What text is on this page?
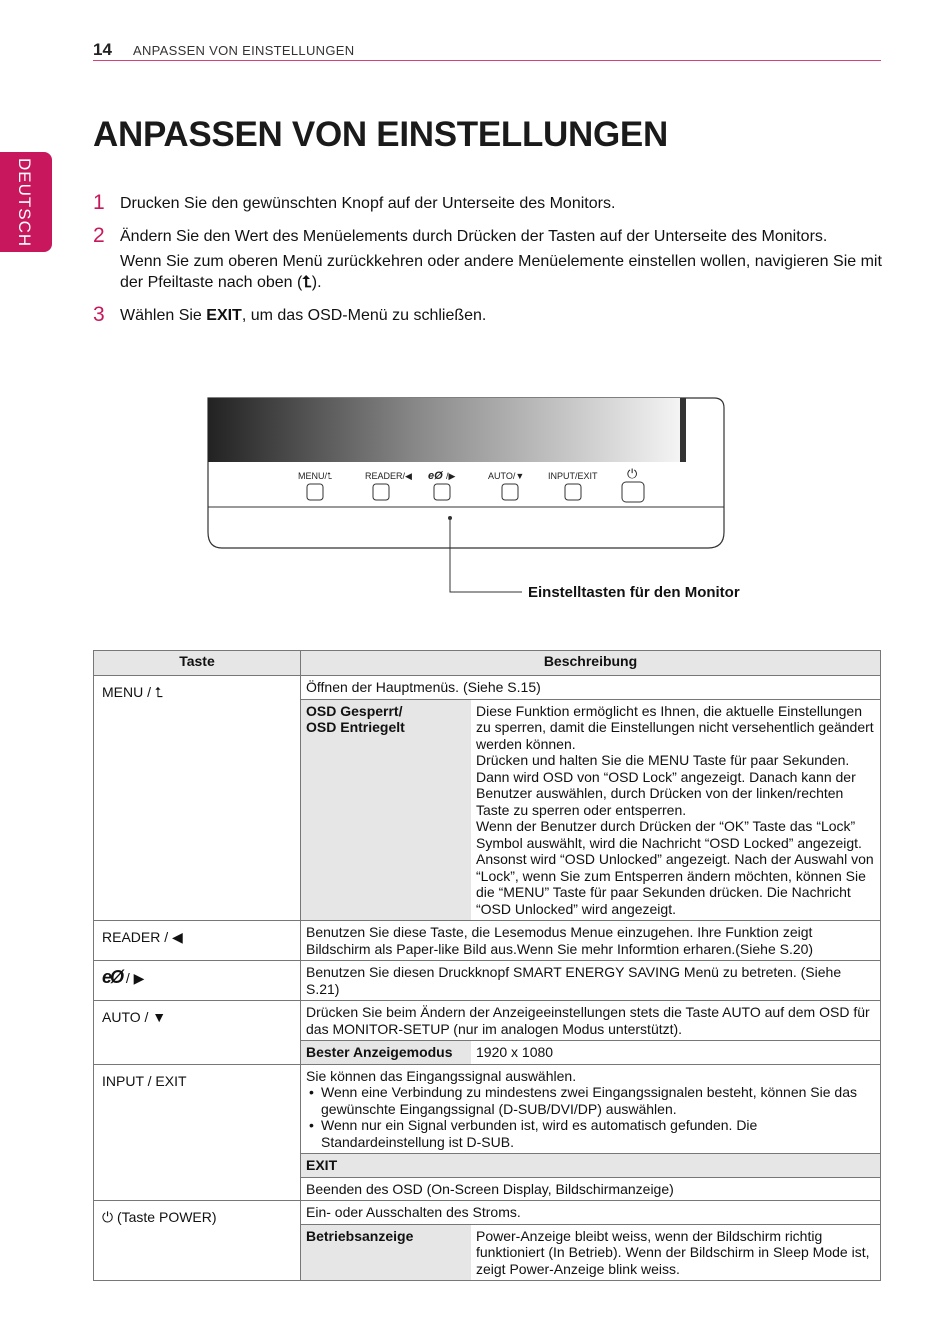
14 ANPASSEN VON EINSTELLUNGEN
DEUTSCH
ANPASSEN VON EINSTELLUNGEN
1 Drucken Sie den gewünschten Knopf auf der Unterseite des Monitors.
2 Ändern Sie den Wert des Menüelements durch Drücken der Tasten auf der Unterseite des Monitors.
Wenn Sie zum oberen Menü zurückkehren oder andere Menüelemente einstellen wollen, navigieren Sie mit der Pfeiltaste nach oben (⮤).
3 Wählen Sie EXIT, um das OSD-Menü zu schließen.
MENU/⮤	READER/◀ eØ /▶	AUTO/▼	INPUT/EXIT ⏻
Einstelltasten für den Monitor
Taste	Beschreibung
MENU / ⮤		Öffnen der Hauptmenüs. (Siehe S.15)
OSD Gesperrt/
OSD Entriegelt	Diese Funktion ermöglicht es Ihnen, die aktuelle Einstellungen zu sperren, damit die Einstellungen nicht versehentlich geändert werden können.
Drücken und halten Sie die MENU Taste für paar Sekunden. Dann wird OSD von “OSD Lock” angezeigt. Danach kann der Benutzer auswählen, durch Drücken von der linken/rechten Taste zu sperren oder entsperren.
Wenn der Benutzer durch Drücken der “OK” Taste das “Lock” Symbol auswählt, wird die Nachricht “OSD Locked” angezeigt. Ansonst wird “OSD Unlocked” angezeigt. Nach der Auswahl von “Lock”, wenn Sie zum Entsperren ändern möchten, können Sie die “MENU” Taste für paar Sekunden drücken. Die Nachricht “OSD Unlocked” wird angezeigt.

READER / ◀	Benutzen Sie diese Taste, die Lesemodus Menue einzugehen. Ihre Funktion zeigt Bildschirm als Paper-like Bild aus.Wenn Sie mehr Informtion erharen.(Siehe S.20)
eØ / ▶	Benutzen Sie diesen Druckknopf SMART ENERGY SAVING Menü zu betreten. (Siehe S.21)
AUTO / ▼		Drücken Sie beim Ändern der Anzeigeeinstellungen stets die Taste AUTO auf dem OSD für das MONITOR-SETUP (nur im analogen Modus unterstützt).
Bester Anzeigemodus	1920 x 1080

INPUT / EXIT		Sie können das Eingangssignal auswählen.
• Wenn eine Verbindung zu mindestens zwei Eingangssignalen besteht, können Sie das gewünschte Eingangssignal (D-SUB/DVI/DP) auswählen.
• Wenn nur ein Signal verbunden ist, wird es automatisch gefunden. Die Standardeinstellung ist D-SUB.

EXIT
Beenden des OSD (On-Screen Display, Bildschirmanzeige)

⏻ (Taste POWER)		Ein- oder Ausschalten des Stroms.
Betriebsanzeige	Power-Anzeige bleibt weiss, wenn der Bildschirm richtig funktioniert (In Betrieb). Wenn der Bildschirm in Sleep Mode ist, zeigt Power-Anzeige blink weiss.
